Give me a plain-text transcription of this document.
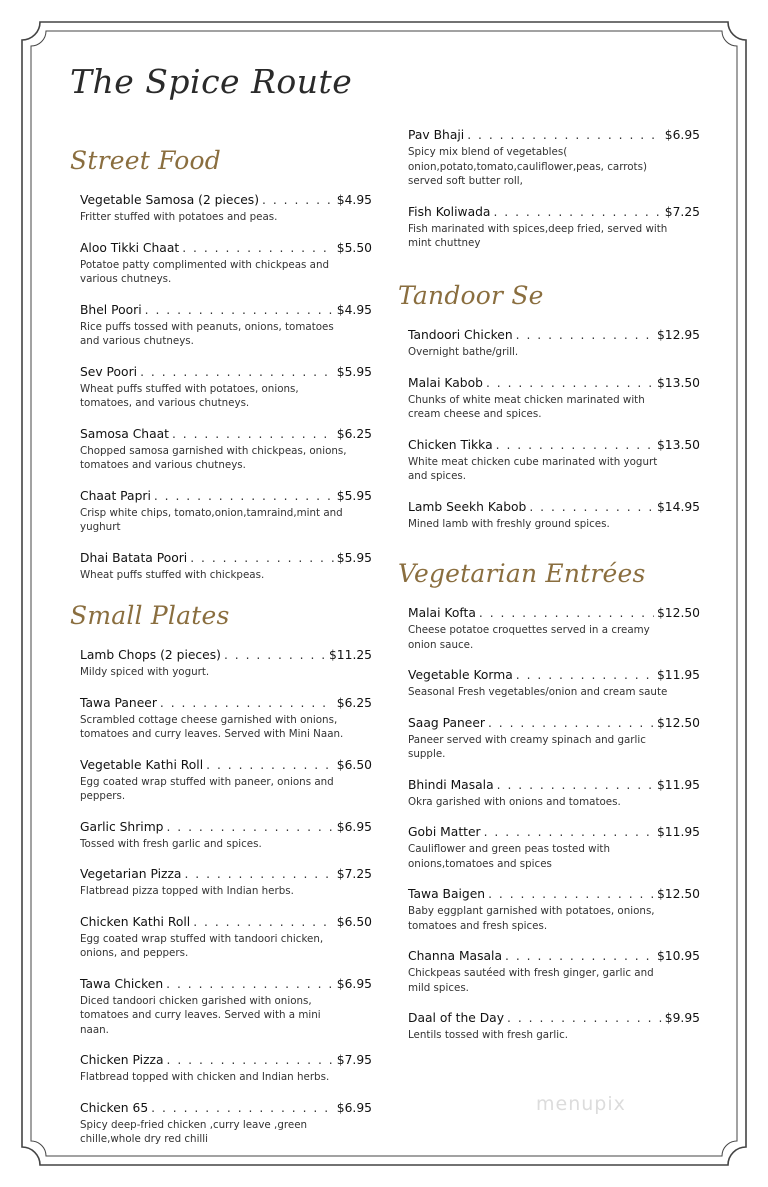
The Spice Route
Street Food
Vegetable Samosa (2 pieces) . . .	$4.95
Fritter stuffed with potatoes and peas.
Aloo Tikki Chaat . . .	$5.50
Potatoe patty complimented with chickpeas and various chutneys.
Bhel Poori . . .	$4.95
Rice puffs tossed with peanuts, onions, tomatoes and various chutneys.
Sev Poori . . .	$5.95
Wheat puffs stuffed with potatoes, onions, tomatoes, and various chutneys.
Samosa Chaat . . .	$6.25
Chopped samosa garnished with chickpeas, onions, tomatoes and various chutneys.
Chaat Papri . . .	$5.95
Crisp white chips, tomato,onion,tamraind,mint and yughurt
Dhai Batata Poori . . .	$5.95
Wheat puffs stuffed with chickpeas.
Small Plates
Lamb Chops (2 pieces) . . .	$11.25
Mildy spiced with yogurt.
Tawa Paneer . . .	$6.25
Scrambled cottage cheese garnished with onions, tomatoes and curry leaves. Served with Mini Naan.
Vegetable Kathi Roll . . .	$6.50
Egg coated wrap stuffed with paneer, onions and peppers.
Garlic Shrimp . . .	$6.95
Tossed with fresh garlic and spices.
Vegetarian Pizza . . .	$7.25
Flatbread pizza topped with Indian herbs.
Chicken Kathi Roll . . .	$6.50
Egg coated wrap stuffed with tandoori chicken, onions, and peppers.
Tawa Chicken . . .	$6.95
Diced tandoori chicken garished with onions, tomatoes and curry leaves. Served with a mini naan.
Chicken Pizza . . .	$7.95
Flatbread topped with chicken and Indian herbs.
Chicken 65 . . .	$6.95
Spicy deep-fried chicken ,curry leave ,green chille,whole dry red chilli
Pav Bhaji . . .	$6.95
Spicy mix blend of vegetables( onion,potato,tomato,cauliflower,peas, carrots) served soft butter roll,
Fish Koliwada . . .	$7.25
Fish marinated with spices,deep fried, served with mint chuttney
Tandoor Se
Tandoori Chicken . . .	$12.95
Overnight bathe/grill.
Malai Kabob . . .	$13.50
Chunks of white meat chicken marinated with cream cheese and spices.
Chicken Tikka . . .	$13.50
White meat chicken cube marinated with yogurt and spices.
Lamb Seekh Kabob . . .	$14.95
Mined lamb with freshly ground spices.
Vegetarian Entrées
Malai Kofta . . .	$12.50
Cheese potatoe croquettes served in a creamy onion sauce.
Vegetable Korma . . .	$11.95
Seasonal Fresh vegetables/onion and cream saute
Saag Paneer . . .	$12.50
Paneer served with creamy spinach and garlic supple.
Bhindi Masala . . .	$11.95
Okra garished with onions and tomatoes.
Gobi Matter . . .	$11.95
Cauliflower and green peas tosted with onions,tomatoes and spices
Tawa Baigen . . .	$12.50
Baby eggplant garnished with potatoes, onions, tomatoes and fresh spices.
Channa Masala . . .	$10.95
Chickpeas sautéed with fresh ginger, garlic and mild spices.
Daal of the Day . . .	$9.95
Lentils tossed with fresh garlic.
menupix
